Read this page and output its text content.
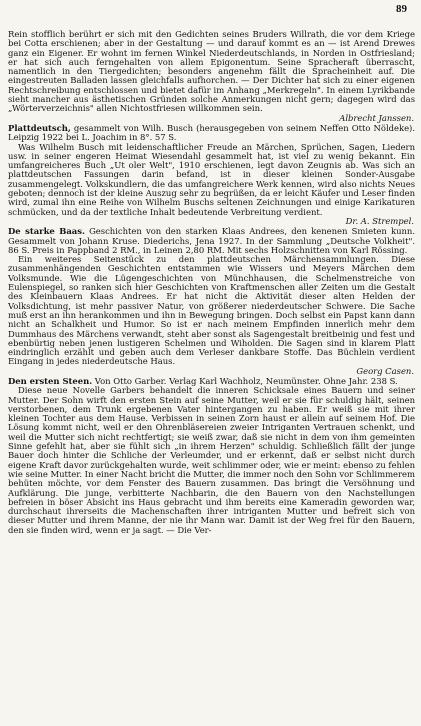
89

Rein stofflich berührt er sich mit den Gedichten seines Bruders Willrath, die vor dem Kriege bei Cotta erschienen; aber in der Gestaltung — und darauf kommt es an — ist Arend Drewes ganz ein Eigener. Er wohnt im fernen Winkel Niederdeutschlands, in Norden in Ostfriesland; er hat sich auch ferngehalten von allem Epigonentum. Seine Spracheraft überrascht, namentlich in den Tiergedichten; besonders angenehm fällt die Spracheinheit auf. Die eingestreuten Balladen lassen gleichfalls aufhorchen. — Der Dichter hat sich zu einer eigenen Rechtschreibung entschlossen und bietet dafür im Anhang „Merkregeln". In einem Lyrikbande sieht mancher aus ästhetischen Gründen solche Anmerkungen nicht gern; dagegen wird das „Wörterverzeichnis" allen Nichtostfriesen willkommen sein.

Albrecht Janssen.

Plattdeutsch, gesammelt von Wilh. Busch (herausgegeben von seinem Neffen Otto Nöldeke). Leipzig 1922 bei L. Joachim in 8°. 57 S.

Was Wilhelm Busch mit leidenschaftlicher Freude an Märchen, Sprüchen, Sagen, Liedern usw. in seiner engeren Heimat Wiesendahl gesammelt hat, ist viel zu wenig bekannt. Ein umfangreicheres Buch „Ut oler Welt", 1910 erschienen, legt davon Zeugnis ab. Was sich an plattdeutschen Fassungen darin befand, ist in dieser kleinen Sonder-Ausgabe zusammengelegt. Volkskundlern, die das umfangreichere Werk kennen, wird also nichts Neues geboten; dennoch ist der kleine Auszug sehr zu begrüßen, da er leicht Käufer und Leser finden wird, zumal ihn eine Reihe von Wilhelm Buschs seltenen Zeichnungen und einige Karikaturen schmücken, und da der textliche Inhalt bedeutende Verbreitung verdient.

Dr. A. Strempel.

De starke Baas. Geschichten von den starken Klaas Andrees, den kenenen Smieten kunn. Gesammelt von Johann Kruse. Diederichs, Jena 1927. In der Sammlung „Deutsche Volkheit". 86 S. Preis in Pappband 2 RM., in Leinen 2,80 RM. Mit sechs Holzschnitten von Karl Rössing.

Ein weiteres Seitenstück zu den plattdeutschen Märchensammlungen. Diese zusammenhängenden Geschichten entstammen wie Wissers und Meyers Märchen dem Volksmunde. Wie die Lügengeschichten von Münchhausen, die Schelmenstreiche von Eulenspiegel, so ranken sich hier Geschichten von Kraftmenschen aller Zeiten um die Gestalt des Kleinbauern Klaas Andrees. Er hat nicht die Aktivität dieser alten Helden der Volksdichtung, ist mehr passiver Natur, von größerer niederdeutscher Schwere. Die Sache muß erst an ihn herankommen und ihn in Bewegung bringen. Doch selbst ein Papst kann dann nicht an Schalkheit und Humor. So ist er nach meinem Empfinden innerlich mehr dem Dummhaus des Märchens verwandt, steht aber sonst als Sagengestalt breitbeinig und fest und ebenbürtig neben jenen lustigeren Schelmen und Wiholden. Die Sagen sind in klarem Platt eindringlich erzählt und geben auch dem Verleser dankbare Stoffe. Das Büchlein verdient Eingang in jedes niederdeutsche Haus.

Georg Casen.

Den ersten Steen. Von Otto Garber. Verlag Karl Wachholz, Neumünster. Ohne Jahr. 238 S.

Diese neue Novelle Garbers behandelt die inneren Schicksale eines Bauern und seiner Mutter. Der Sohn wirft den ersten Stein auf seine Mutter, weil er sie für schuldig hält, seinen verstorbenen, dem Trunk ergebenen Vater hintergangen zu haben. Er weiß sie mit ihrer kleinen Tochter aus dem Hause. Verbissen in seinen Zorn haust er allein auf seinem Hof. Die Lösung kommt nicht, weil er den Ohrenbläsereien zweier Intriganten Vertrauen schenkt, und weil die Mutter sich nicht rechtfertigt; sie weiß zwar, daß sie nicht in dem von ihm gemeinten Sinne gefehlt hat, aber sie fühlt sich „in ihrem Herzen" schuldig. Schließlich fällt der junge Bauer doch hinter die Schliche der Verleumder, und er erkennt, daß er selbst nicht durch eigene Kraft davor zurückgehalten wurde, weit schlimmer oder, wie er meint: ebenso zu fehlen wie seine Mutter. In einer Nacht bricht die Mutter, die immer noch den Sohn vor Schlimmerem behüten möchte, vor dem Fenster des Bauern zusammen. Das bringt die Versöhnung und Aufklärung. Die junge, verbitterte Nachbarin, die den Bauern von den Nachstellungen befreien in böser Absicht ins Haus gebracht und ihm bereits eine Kameradin geworden war, durchschaut ihrerseits die Machenschaften ihrer intriganten Mutter und befreit sich von dieser Mutter und ihrem Manne, der nie ihr Mann war. Damit ist der Weg frei für den Bauern, den sie finden wird, wenn er ja sagt. — Die Ver-
